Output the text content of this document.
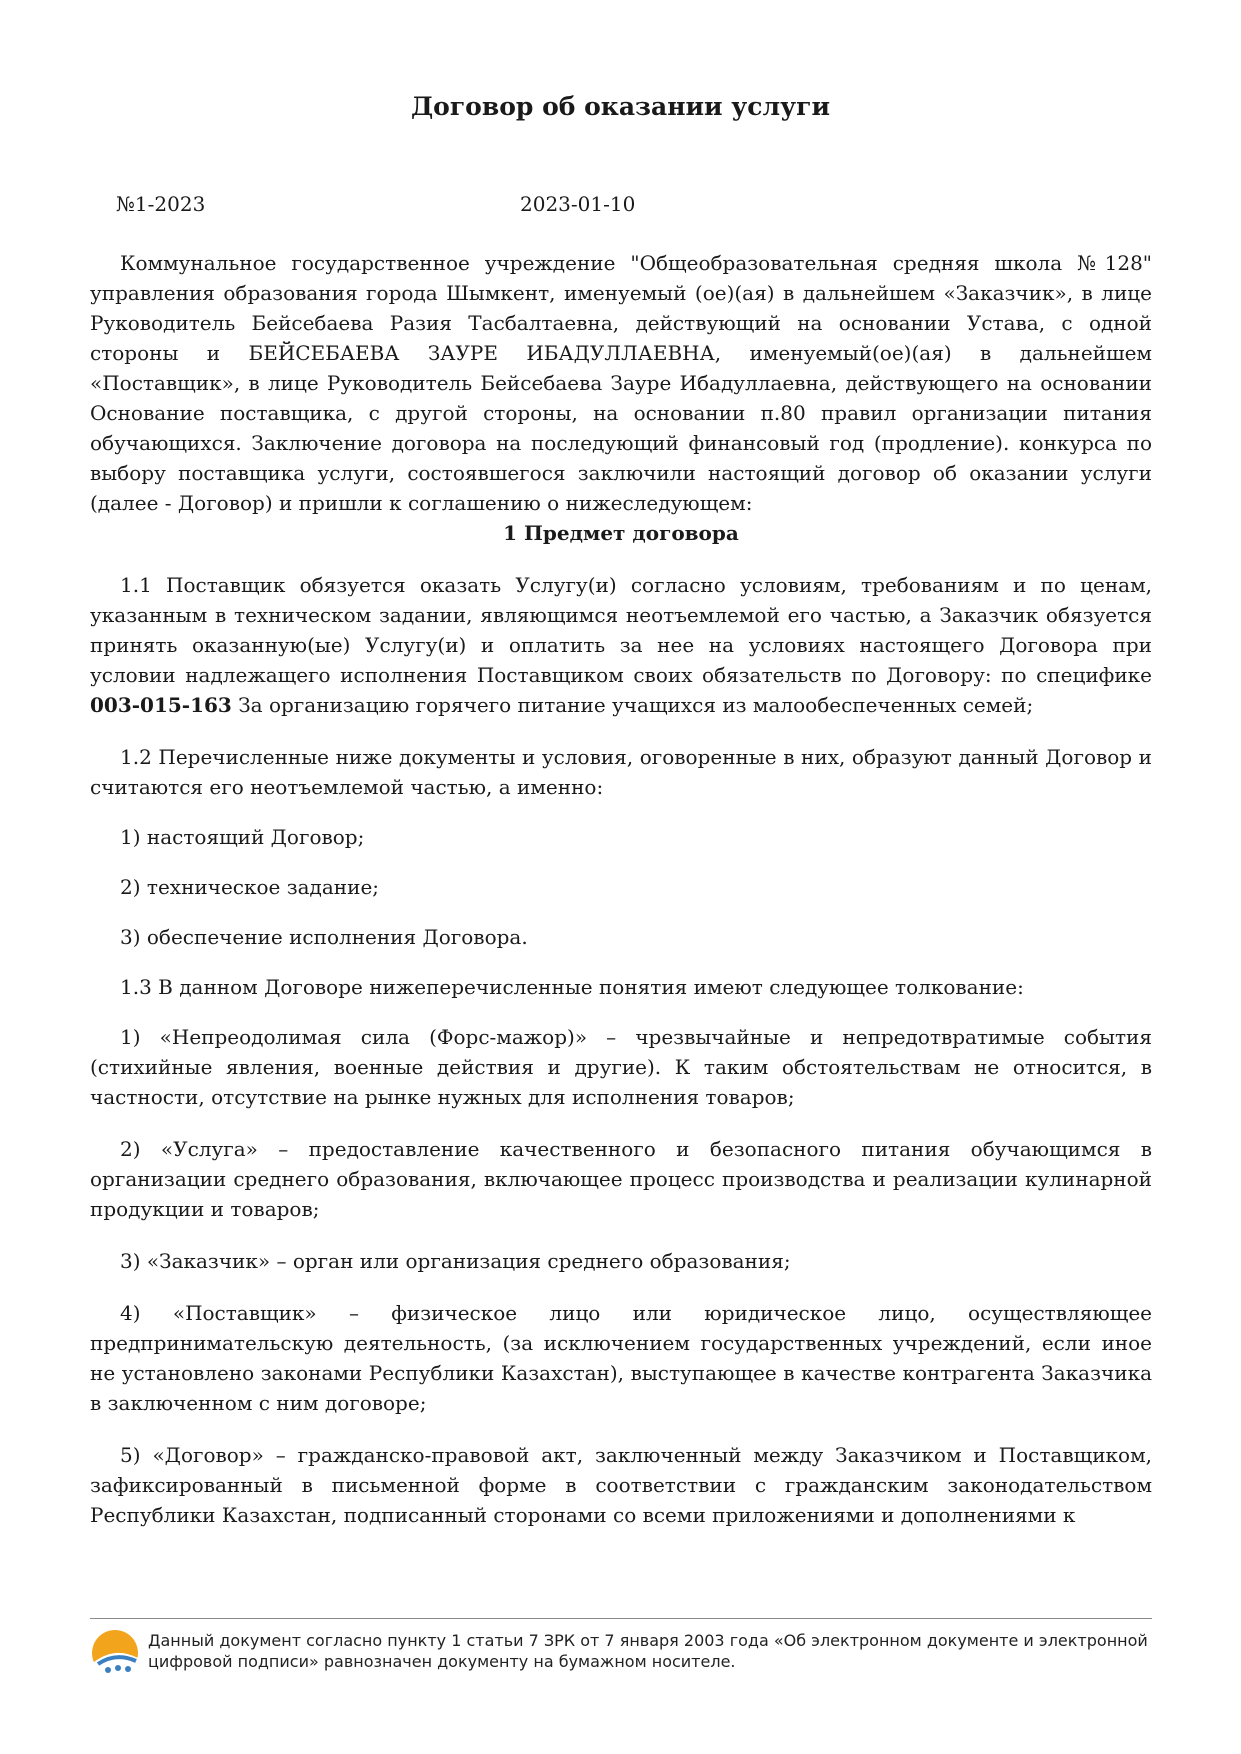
Договор об оказании услуги
№1-2023	2023-01-10

Коммунальное государственное учреждение "Общеобразовательная средняя школа №128" управления образования города Шымкент, именуемый (ое)(ая) в дальнейшем «Заказчик», в лице Руководитель Бейсебаева Разия Тасбалтаевна, действующий на основании Устава, с одной стороны и БЕЙСЕБАЕВА ЗАУРЕ ИБАДУЛЛАЕВНА, именуемый(ое)(ая) в дальнейшем «Поставщик», в лице Руководитель Бейсебаева Зауре Ибадуллаевна, действующего на основании Основание поставщика, с другой стороны, на основании п.80 правил организации питания обучающихся. Заключение договора на последующий финансовый год (продление). конкурса по выбору поставщика услуги, состоявшегося заключили настоящий договор об оказании услуги (далее - Договор) и пришли к соглашению о нижеследующем:

1 Предмет договора

1.1 Поставщик обязуется оказать Услугу(и) согласно условиям, требованиям и по ценам, указанным в техническом задании, являющимся неотъемлемой его частью, а Заказчик обязуется принять оказанную(ые) Услугу(и) и оплатить за нее на условиях настоящего Договора при условии надлежащего исполнения Поставщиком своих обязательств по Договору: по специфике 003-015-163 За организацию горячего питание учащихся из малообеспеченных семей;

1.2 Перечисленные ниже документы и условия, оговоренные в них, образуют данный Договор и считаются его неотъемлемой частью, а именно:

1) настоящий Договор;

2) техническое задание;

3) обеспечение исполнения Договора.

1.3 В данном Договоре нижеперечисленные понятия имеют следующее толкование:

1) «Непреодолимая сила (Форс-мажор)» – чрезвычайные и непредотвратимые события (стихийные явления, военные действия и другие). К таким обстоятельствам не относится, в частности, отсутствие на рынке нужных для исполнения товаров;

2) «Услуга» – предоставление качественного и безопасного питания обучающимся в организации среднего образования, включающее процесс производства и реализации кулинарной продукции и товаров;

3) «Заказчик» – орган или организация среднего образования;

4) «Поставщик» – физическое лицо или юридическое лицо, осуществляющее предпринимательскую деятельность, (за исключением государственных учреждений, если иное не установлено законами Республики Казахстан), выступающее в качестве контрагента Заказчика в заключенном с ним договоре;

5) «Договор» – гражданско-правовой акт, заключенный между Заказчиком и Поставщиком, зафиксированный в письменной форме в соответствии с гражданским законодательством Республики Казахстан, подписанный сторонами со всеми приложениями и дополнениями к

Данный документ согласно пункту 1 статьи 7 ЗРК от 7 января 2003 года «Об электронном документе и электронной цифровой подписи» равнозначен документу на бумажном носителе.
